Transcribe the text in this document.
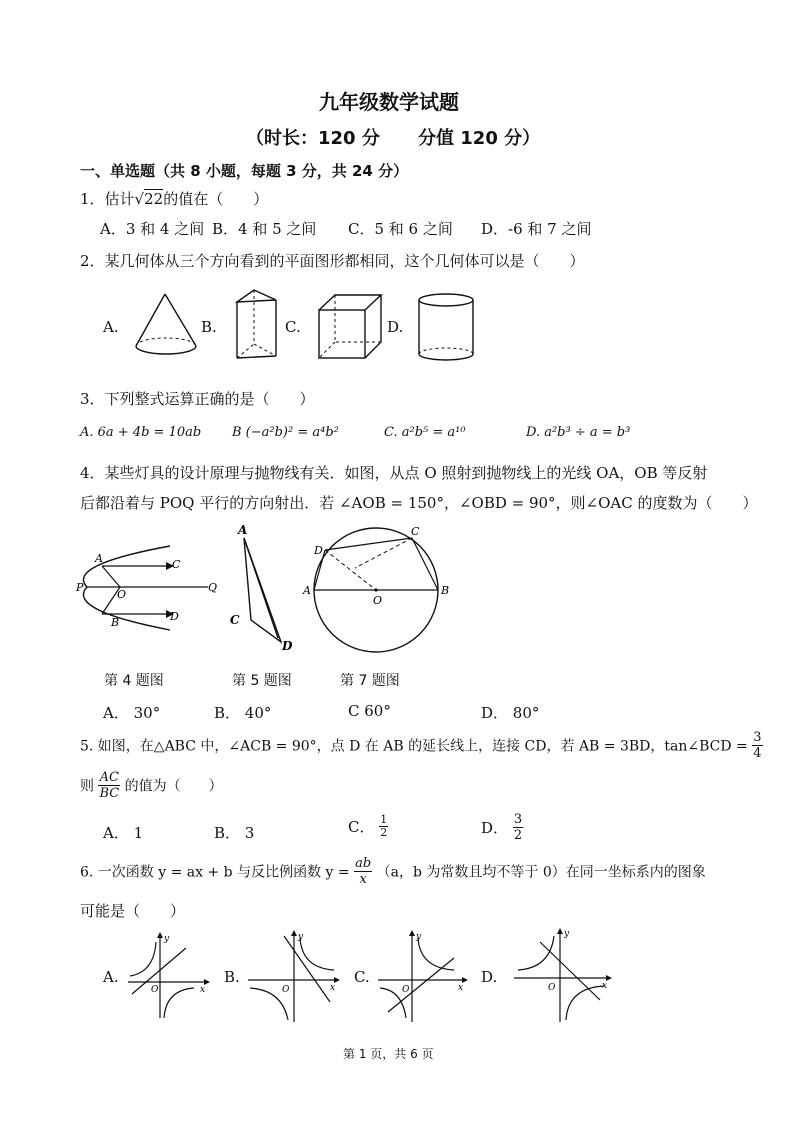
九年级数学试题
（时长：120 分 分值 120 分）
一、单选题（共 8 小题，每题 3 分，共 24 分）
1．估计√22的值在（　　）
A．3 和 4 之间 B．4 和 5 之间 C．5 和 6 之间 D．-6 和 7 之间
2．某几何体从三个方向看到的平面图形都相同，这个几何体可以是（　　）
A.	B.	C.	D.
3．下列整式运算正确的是（　　）
A. 6a + 4b = 10ab B (−a²b)² = a⁴b²	C. a²b⁵ = a¹⁰	D. a²b³ ÷ a = b³
4．某些灯具的设计原理与抛物线有关．如图，从点 O 照射到抛物线上的光线 OA，OB 等反射
后都沿着与 POQ 平行的方向射出．若 ∠AOB = 150°，∠OBD = 90°，则∠OAC 的度数为（　　）
A	C
P
O
Q
B	D
A
C
D
D
C
A
O
B
第 4 题图	第 5 题图	第 7 题图
A． 30°	B． 40°	C 60°	D． 80°
5. 如图，在△ABC 中，∠ACB = 90°，点 D 在 AB 的延长线上，连接 CD，若 AB = 3BD，tan∠BCD = $\frac{3}{4}$
则 $\frac{AC}{BC}$ 的值为（　　）
A． 1	B． 3	C． $\frac{1}{2}$	D． $\frac{3}{2}$
6. 一次函数 y = ax + b 与反比例函数 $y = \frac{ab}{x} (a$，b 为常数且均不等于 0）在同一坐标系内的图象
可能是（　　）
A.	B.	C.	D.
y
O	x
y
O	x
y
O	x
y
O	x
第 1 页，共 6 页
